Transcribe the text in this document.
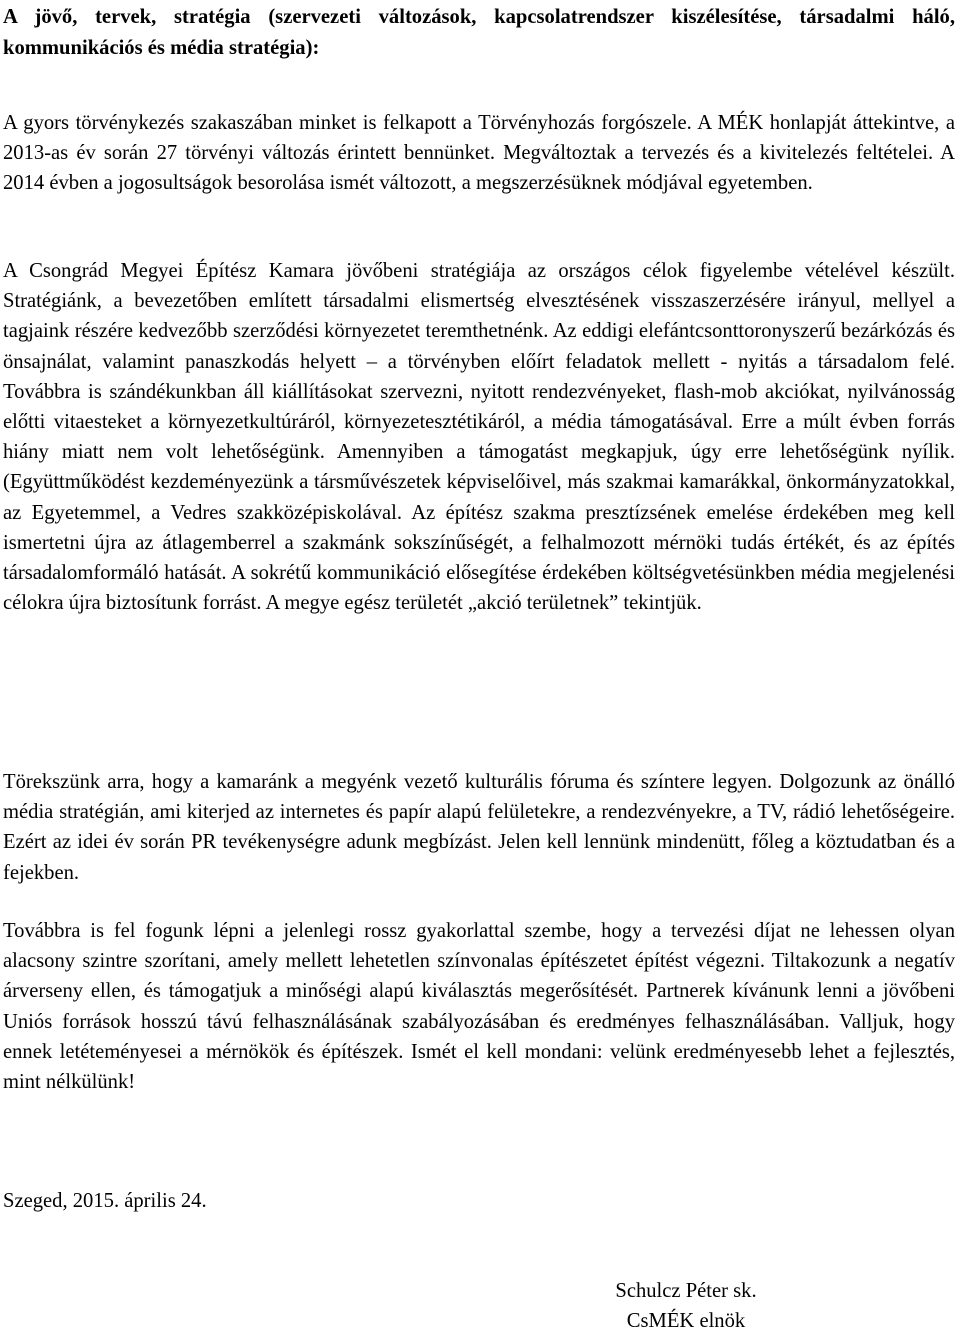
A jövő, tervek, stratégia (szervezeti változások, kapcsolatrendszer kiszélesítése, társadalmi háló, kommunikációs és média stratégia):

A gyors törvénykezés szakaszában minket is felkapott a Törvényhozás forgószele. A MÉK honlapját áttekintve, a 2013-as év során 27 törvényi változás érintett bennünket. Megváltoztak a tervezés és a kivitelezés feltételei. A 2014 évben a jogosultságok besorolása ismét változott, a megszerzésüknek módjával egyetemben.

A Csongrád Megyei Építész Kamara jövőbeni stratégiája az országos célok figyelembe vételével készült. Stratégiánk, a bevezetőben említett társadalmi elismertség elvesztésének visszaszerzésére irányul, mellyel a tagjaink részére kedvezőbb szerződési környezetet teremthetnénk. Az eddigi elefántcsonttoronyszerű bezárkózás és önsajnálat, valamint panaszkodás helyett – a törvényben előírt feladatok mellett - nyitás a társadalom felé. Továbbra is szándékunkban áll kiállításokat szervezni, nyitott rendezvényeket, flash-mob akciókat, nyilvánosság előtti vitaesteket a környezetkultúráról, környezetesztétikáról, a média támogatásával. Erre a múlt évben forrás hiány miatt nem volt lehetőségünk. Amennyiben a támogatást megkapjuk, úgy erre lehetőségünk nyílik. (Együttműködést kezdeményezünk a társművészetek képviselőivel, más szakmai kamarákkal, önkormányzatokkal, az Egyetemmel, a Vedres szakközépiskolával. Az építész szakma presztízsének emelése érdekében meg kell ismertetni újra az átlagemberrel a szakmánk sokszínűségét, a felhalmozott mérnöki tudás értékét, és az építés társadalomformáló hatását. A sokrétű kommunikáció elősegítése érdekében költségvetésünkben média megjelenési célokra újra biztosítunk forrást. A megye egész területét „akció területnek” tekintjük.

Törekszünk arra, hogy a kamaránk a megyénk vezető kulturális fóruma és színtere legyen. Dolgozunk az önálló média stratégián, ami kiterjed az internetes és papír alapú felületekre, a rendezvényekre, a TV, rádió lehetőségeire. Ezért az idei év során PR tevékenységre adunk megbízást. Jelen kell lennünk mindenütt, főleg a köztudatban és a fejekben.

Továbbra is fel fogunk lépni a jelenlegi rossz gyakorlattal szembe, hogy a tervezési díjat ne lehessen olyan alacsony szintre szorítani, amely mellett lehetetlen színvonalas építészetet építést végezni. Tiltakozunk a negatív árverseny ellen, és támogatjuk a minőségi alapú kiválasztás megerősítését. Partnerek kívánunk lenni a jövőbeni Uniós források hosszú távú felhasználásának szabályozásában és eredményes felhasználásában. Valljuk, hogy ennek letéteményesei a mérnökök és építészek. Ismét el kell mondani: velünk eredményesebb lehet a fejlesztés, mint nélkülünk!

Szeged, 2015. április 24.

Schulcz Péter sk.
CsMÉK elnök
